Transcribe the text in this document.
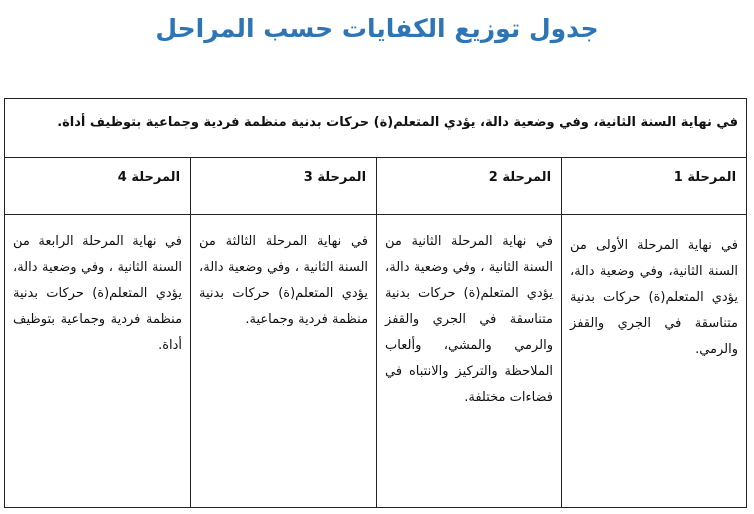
جدول توزيع الكفايات حسب المراحل
في نهاية السنة الثانية، وفي وضعية دالة، يؤدي المتعلم(ة) حركات بدنية منظمة فردية وجماعية بتوظيف أداة.			
المرحلة 1	المرحلة 2	المرحلة 3	المرحلة 4
في نهاية المرحلة الأولى من السنة الثانية، وفي وضعية دالة، يؤدي المتعلم(ة) حركات بدنية متناسقة في الجري والقفز والرمي.	في نهاية المرحلة الثانية من السنة الثانية ، وفي وضعية دالة، يؤدي المتعلم(ة) حركات بدنية متناسقة في الجري والقفز والرمي والمشي، وألعاب الملاحظة والتركيز والانتباه في فضاءات مختلفة.	في نهاية المرحلة الثالثة من السنة الثانية ، وفي وضعية دالة، يؤدي المتعلم(ة) حركات بدنية منظمة فردية وجماعية.	في نهاية المرحلة الرابعة من السنة الثانية ، وفي وضعية دالة، يؤدي المتعلم(ة) حركات بدنية منظمة فردية وجماعية بتوظيف أداة.
